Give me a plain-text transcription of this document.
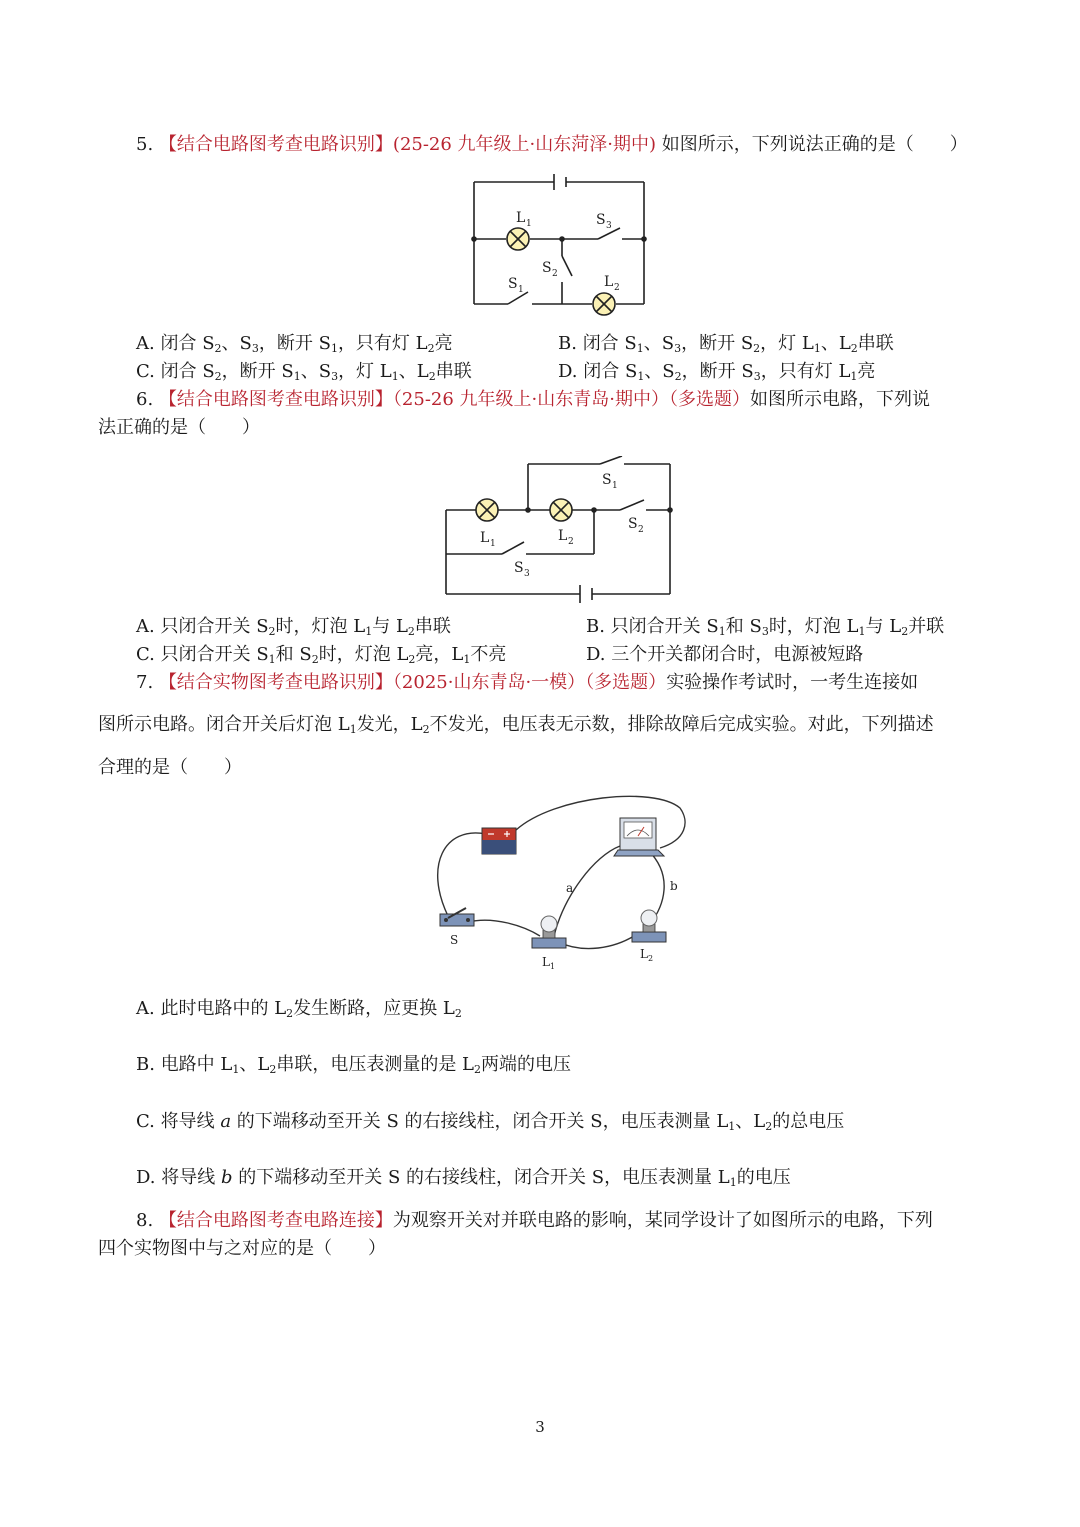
5. 【结合电路图考查电路识别】(25-26 九年级上·山东菏泽·期中) 如图所示，下列说法正确的是（　　）
L 1	S 3
S 2
S 1	L 2
A. 闭合 $S_2$、$S_3$，断开 $S_1$，只有灯 $L_2$亮	B. 闭合 $S_1$、$S_3$，断开 $S_2$，灯 $L_1$、$L_2$串联
C. 闭合 $S_2$，断开 $S_1$、$S_3$，灯 $L_1$、$L_2$串联	D. 闭合 $S_1$、$S_2$，断开 $S_3$，只有灯 $L_1$亮
6. 【结合电路图考查电路识别】（25-26 九年级上·山东青岛·期中）（多选题）如图所示电路，下列说
法正确的是（　　）
S 1
S 2
L 1	L 2
S 3
A. 只闭合开关 $S_2$时，灯泡 $L_1$与 $L_2$串联	B. 只闭合开关 $S_1$和 $S_3$时，灯泡 $L_1$与 $L_2$并联
C. 只闭合开关 $S_1$和 $S_2$时，灯泡 $L_2$亮，$L_1$不亮	D. 三个开关都闭合时，电源被短路
7. 【结合实物图考查电路识别】（2025·山东青岛·一模）（多选题）实验操作考试时，一考生连接如
图所示电路。闭合开关后灯泡 $L_1$发光，$L_2$不发光，电压表无示数，排除故障后完成实验。对此，下列描述
合理的是（　　）
a	b
S
L 1
L 2
A. 此时电路中的 $L_2$发生断路，应更换 $L_2$
B. 电路中 $L_1$、$L_2$串联，电压表测量的是 $L_2$两端的电压
C. 将导线 a 的下端移动至开关 S 的右接线柱，闭合开关 S，电压表测量 $L_1$、$L_2$的总电压
D. 将导线 b 的下端移动至开关 S 的右接线柱，闭合开关 S，电压表测量 $L_1$的电压
8. 【结合电路图考查电路连接】为观察开关对并联电路的影响，某同学设计了如图所示的电路，下列
四个实物图中与之对应的是（　　）
3
